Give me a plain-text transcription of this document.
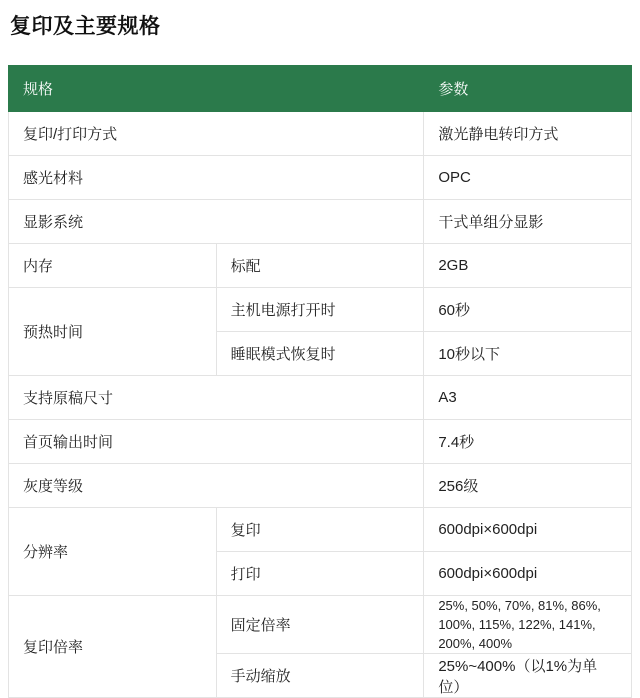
复印及主要规格
规格		参数
复印/打印方式		激光静电转印方式
感光材料		OPC
显影系统		干式单组分显影
内存	标配	2GB
预热时间	主机电源打开时	60秒
	睡眠模式恢复时	10秒以下
支持原稿尺寸		A3
首页输出时间		7.4秒
灰度等级		256级
分辨率	复印	600dpi×600dpi
	打印	600dpi×600dpi
复印倍率	固定倍率	25%, 50%, 70%, 81%, 86%, 100%, 115%, 122%, 141%, 200%, 400%
	手动缩放	25%~400%（以1%为单位）
